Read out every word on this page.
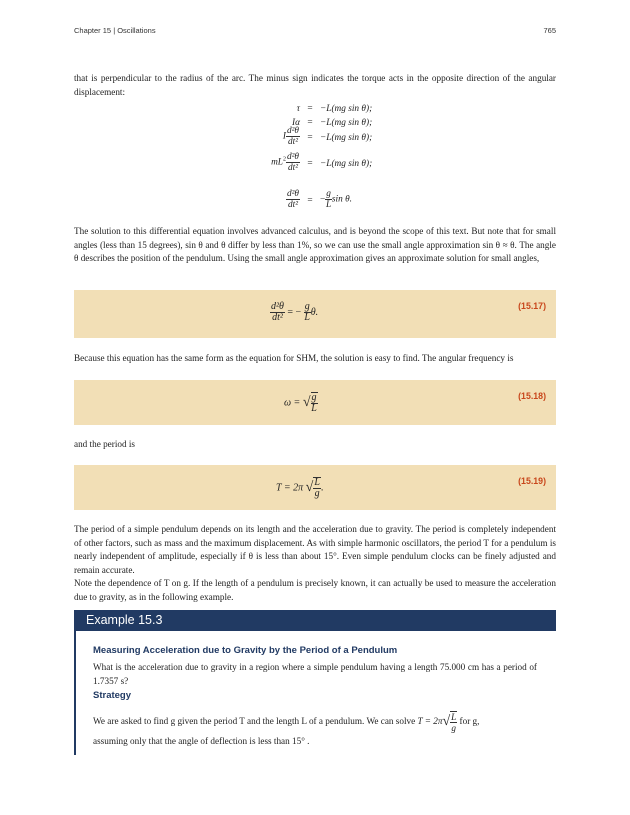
Chapter 15 | Oscillations	765
that is perpendicular to the radius of the arc. The minus sign indicates the torque acts in the opposite direction of the angular displacement:
τ = −L(mg sin θ);
Iα = −L(mg sin θ);
I $\frac{\text{d²θ}}{\text{dt²}} = -L(mg$ sin θ);
$mL^2 \frac{\text{d²θ}}{\text{dt²}} = -L(mg$ sin θ);
$\frac{\text{d²θ}}{\text{dt²}}$ = − $\frac{g}{L}$ sin θ.
The solution to this differential equation involves advanced calculus, and is beyond the scope of this text. But note that for small angles (less than 15 degrees), sin θ and θ differ by less than 1%, so we can use the small angle approximation sin θ ≈ θ. The angle θ describes the position of the pendulum. Using the small angle approximation gives an approximate solution for small angles,
$\frac{\text{d²θ}}{\text{dt²}}$ = − $\frac{g}{L} \theta$.
(15.17)
Because this equation has the same form as the equation for SHM, the solution is easy to find. The angular frequency is
ω = √ $\frac{g}{L}$	(15.18)
and the period is
T = 2π √ $\frac{L}{g}$ .
(15.19)
The period of a simple pendulum depends on its length and the acceleration due to gravity. The period is completely independent of other factors, such as mass and the maximum displacement. As with simple harmonic oscillators, the period T for a pendulum is nearly independent of amplitude, especially if θ is less than about 15°. Even simple pendulum clocks can be finely adjusted and remain accurate.
Note the dependence of T on g. If the length of a pendulum is precisely known, it can actually be used to measure the acceleration due to gravity, as in the following example.
Example 15.3
Measuring Acceleration due to Gravity by the Period of a Pendulum
What is the acceleration due to gravity in a region where a simple pendulum having a length 75.000 cm has a period of 1.7357 s?
Strategy
We are asked to find g given the period T and the length L of a pendulum. We can solve $T = 2\pi√ \frac{L}{g}$ for g,
assuming only that the angle of deflection is less than 15° .
